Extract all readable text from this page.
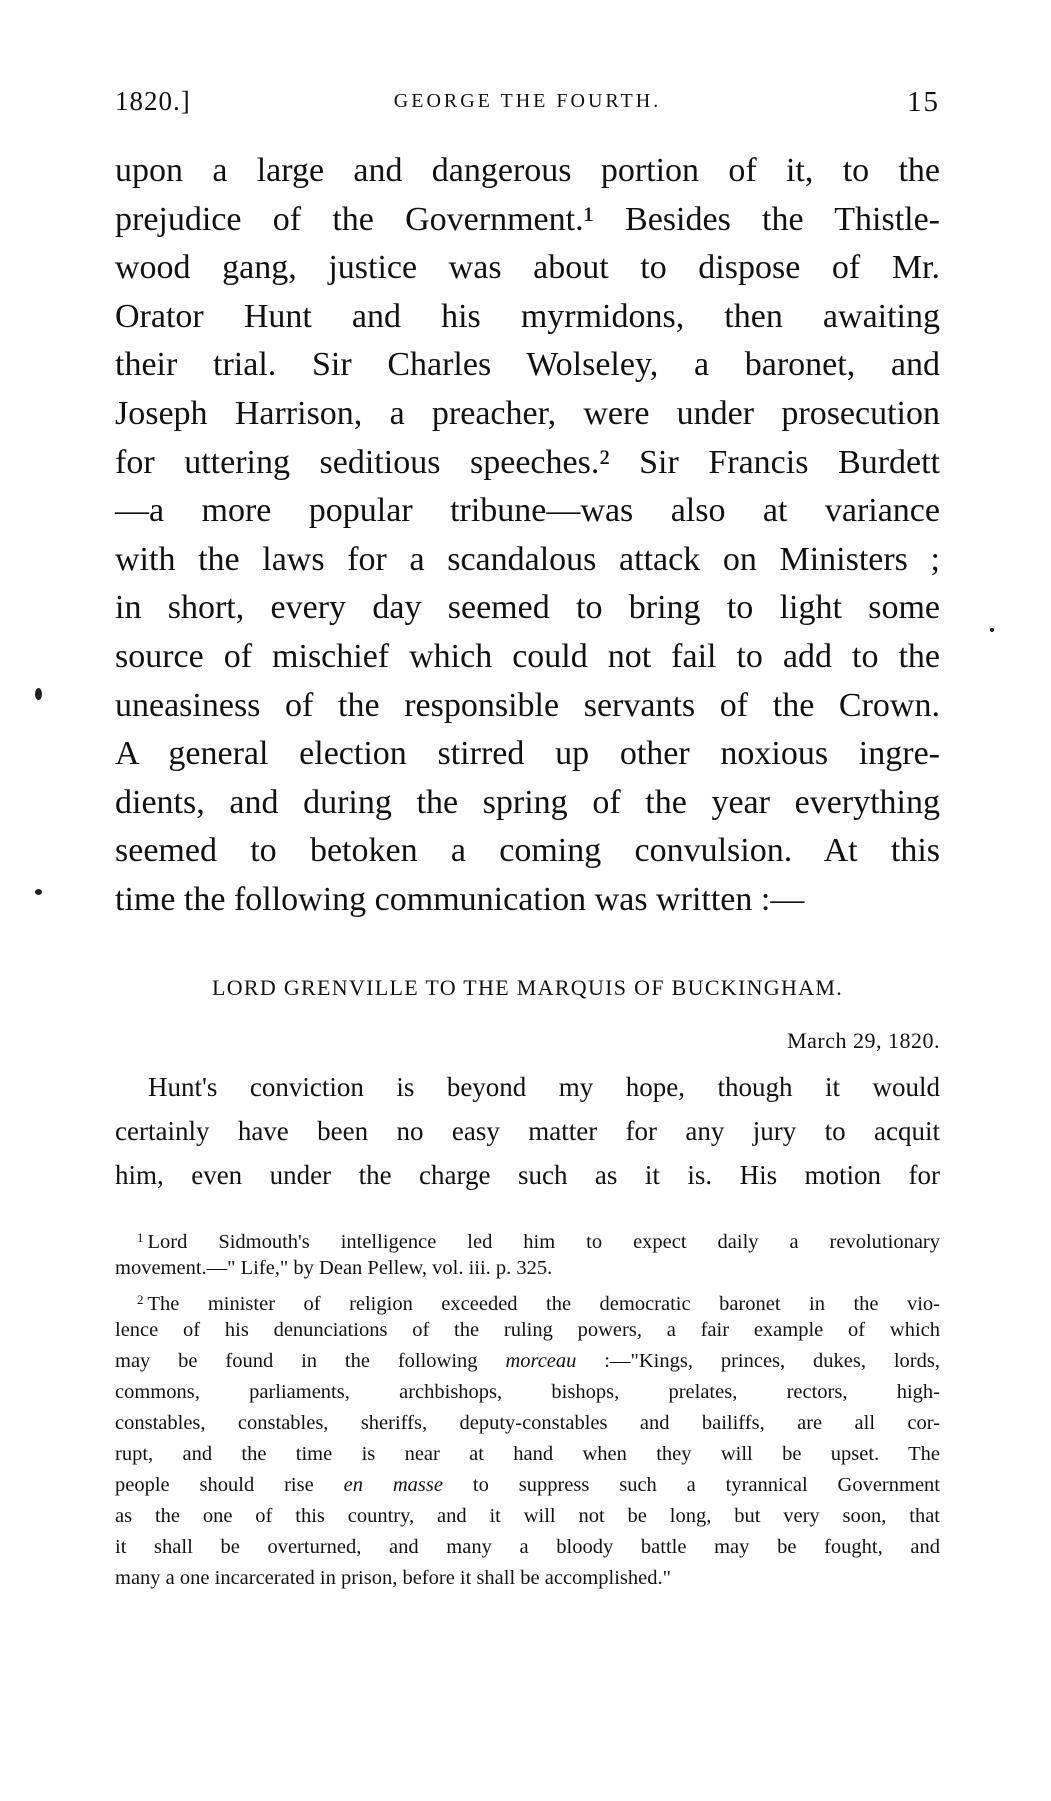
1820.]	GEORGE THE FOURTH.	15
upon a large and dangerous portion of it, to the
prejudice of the Government.¹ Besides the Thistle-
wood gang, justice was about to dispose of Mr.
Orator Hunt and his myrmidons, then awaiting
their trial. Sir Charles Wolseley, a baronet, and
Joseph Harrison, a preacher, were under prosecution
for uttering seditious speeches.² Sir Francis Burdett
—a more popular tribune—was also at variance
with the laws for a scandalous attack on Ministers ;
in short, every day seemed to bring to light some
source of mischief which could not fail to add to the
uneasiness of the responsible servants of the Crown.
A general election stirred up other noxious ingre-
dients, and during the spring of the year everything
seemed to betoken a coming convulsion. At this
time the following communication was written :—
LORD GRENVILLE TO THE MARQUIS OF BUCKINGHAM.
March 29, 1820.
Hunt's conviction is beyond my hope, though it would
certainly have been no easy matter for any jury to acquit
him, even under the charge such as it is. His motion for
$^1$ Lord Sidmouth's intelligence led him to expect daily a revolutionary
movement.—" Life," by Dean Pellew, vol. iii. p. 325.
$^2$ The minister of religion exceeded the democratic baronet in the vio-
lence of his denunciations of the ruling powers, a fair example of which
may be found in the following morceau :—"Kings, princes, dukes, lords,
commons, parliaments, archbishops, bishops, prelates, rectors, high-
constables, constables, sheriffs, deputy-constables and bailiffs, are all cor-
rupt, and the time is near at hand when they will be upset. The
people should rise en masse to suppress such a tyrannical Government
as the one of this country, and it will not be long, but very soon, that
it shall be overturned, and many a bloody battle may be fought, and
many a one incarcerated in prison, before it shall be accomplished."
